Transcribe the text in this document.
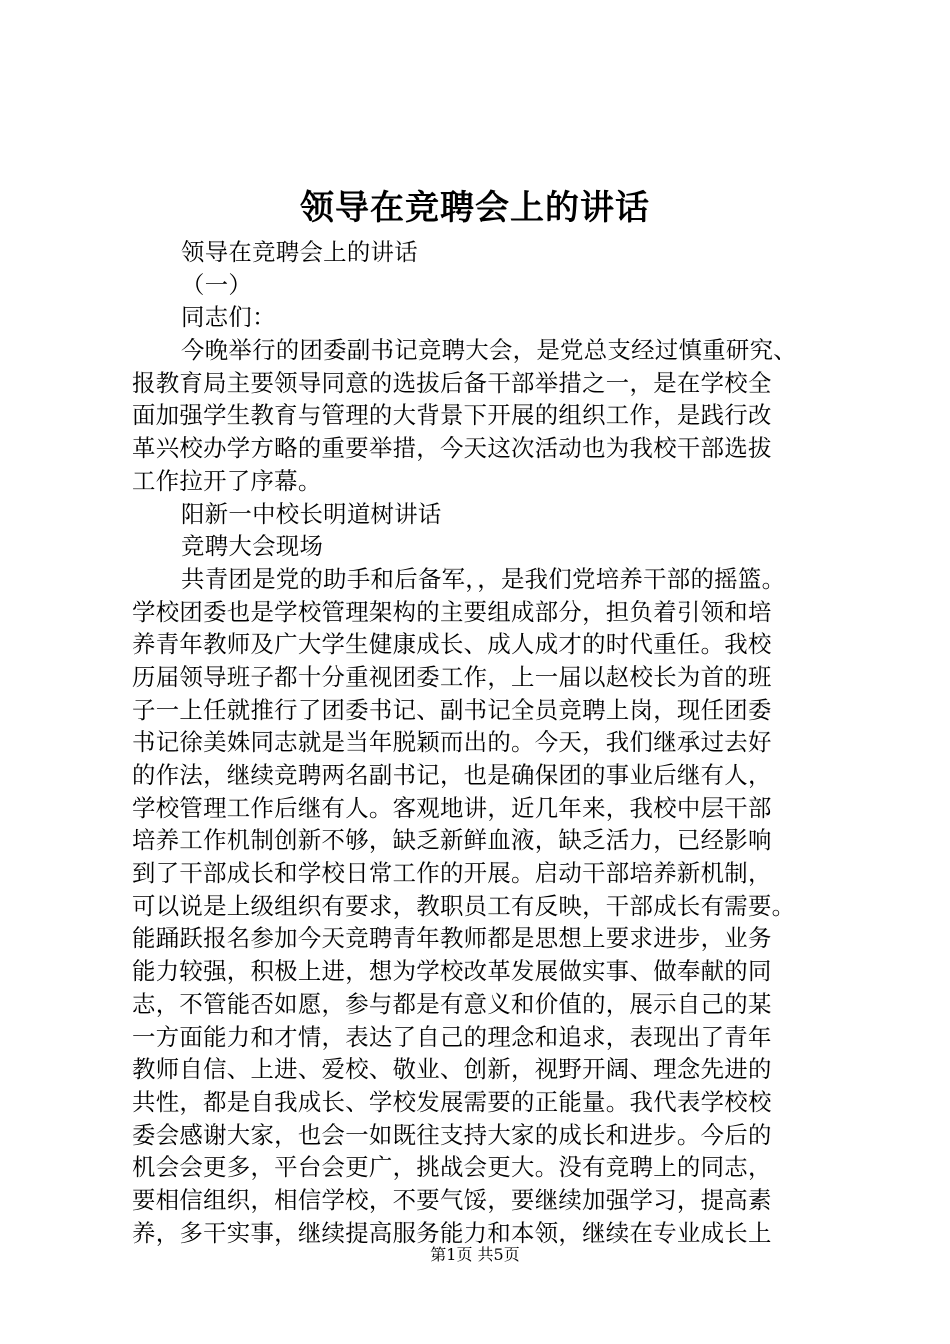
领导在竞聘会上的讲话
领导在竞聘会上的讲话
（一）
同志们：
今晚举行的团委副书记竞聘大会，是党总支经过慎重研究、
报教育局主要领导同意的选拔后备干部举措之一，是在学校全
面加强学生教育与管理的大背景下开展的组织工作，是践行改
革兴校办学方略的重要举措，今天这次活动也为我校干部选拔
工作拉开了序幕。
阳新一中校长明道树讲话
竞聘大会现场
共青团是党的助手和后备军，，是我们党培养干部的摇篮。
学校团委也是学校管理架构的主要组成部分，担负着引领和培
养青年教师及广大学生健康成长、成人成才的时代重任。我校
历届领导班子都十分重视团委工作，上一届以赵校长为首的班
子一上任就推行了团委书记、副书记全员竞聘上岗，现任团委
书记徐美姝同志就是当年脱颖而出的。今天，我们继承过去好
的作法，继续竞聘两名副书记，也是确保团的事业后继有人，
学校管理工作后继有人。客观地讲，近几年来，我校中层干部
培养工作机制创新不够，缺乏新鲜血液，缺乏活力，已经影响
到了干部成长和学校日常工作的开展。启动干部培养新机制，
可以说是上级组织有要求，教职员工有反映，干部成长有需要。
能踊跃报名参加今天竞聘青年教师都是思想上要求进步，业务
能力较强，积极上进，想为学校改革发展做实事、做奉献的同
志，不管能否如愿，参与都是有意义和价值的，展示自己的某
一方面能力和才情，表达了自己的理念和追求，表现出了青年
教师自信、上进、爱校、敬业、创新，视野开阔、理念先进的
共性，都是自我成长、学校发展需要的正能量。我代表学校校
委会感谢大家，也会一如既往支持大家的成长和进步。今后的
机会会更多，平台会更广，挑战会更大。没有竞聘上的同志，
要相信组织，相信学校，不要气馁，要继续加强学习，提高素
养，多干实事，继续提高服务能力和本领，继续在专业成长上
第1页 共5页
